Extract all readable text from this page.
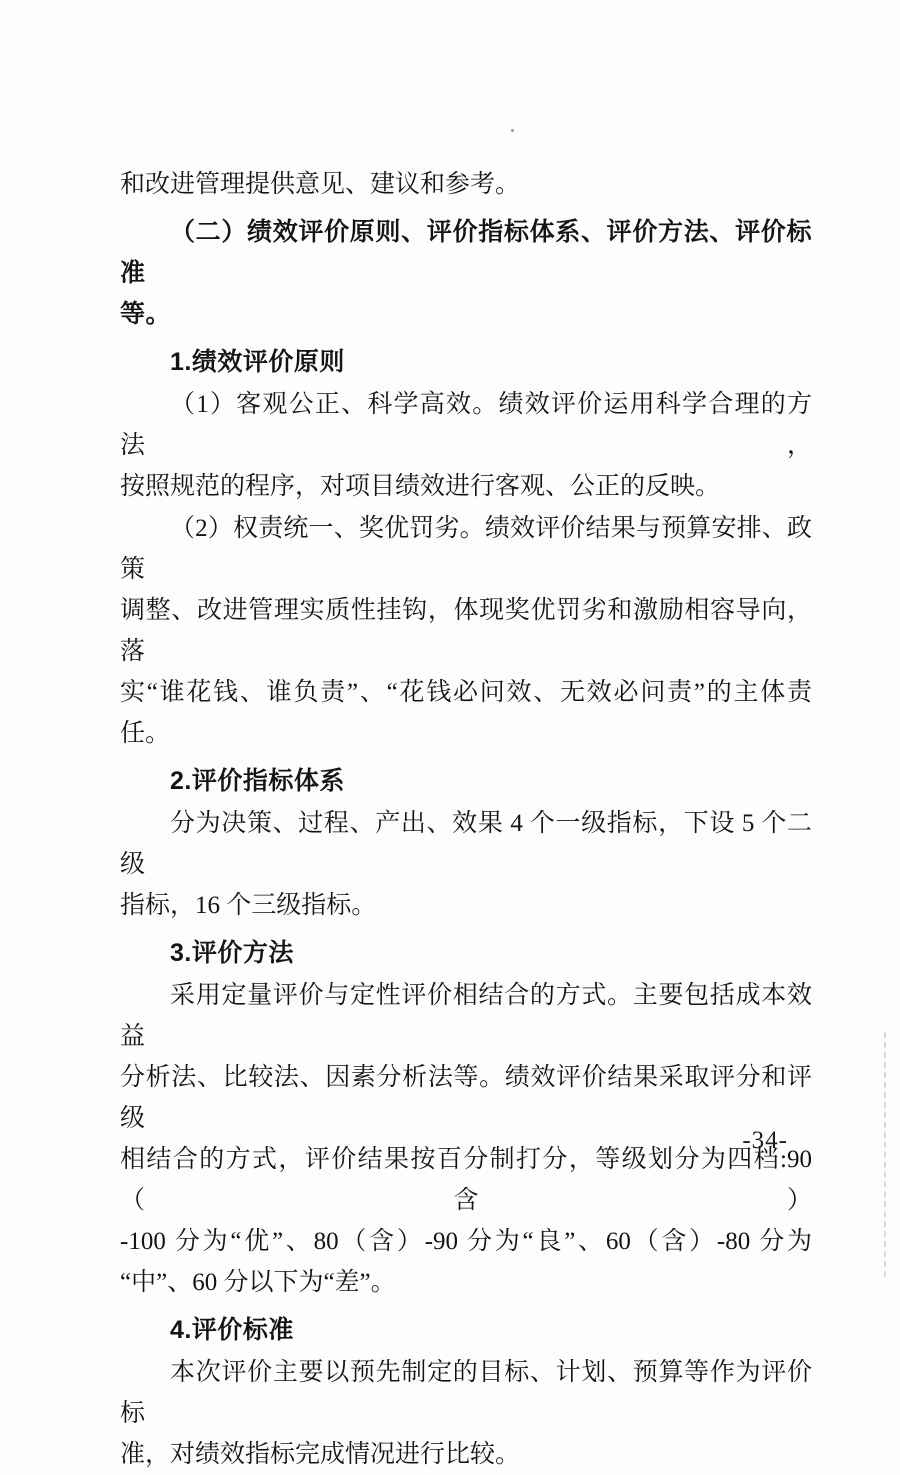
和改进管理提供意见、建议和参考。
（二）绩效评价原则、评价指标体系、评价方法、评价标准
等。
1.绩效评价原则
（1）客观公正、科学高效。绩效评价运用科学合理的方法，
按照规范的程序，对项目绩效进行客观、公正的反映。
（2）权责统一、奖优罚劣。绩效评价结果与预算安排、政策
调整、改进管理实质性挂钩，体现奖优罚劣和激励相容导向，落
实“谁花钱、谁负责”、“花钱必问效、无效必问责”的主体责
任。
2.评价指标体系
分为决策、过程、产出、效果 4 个一级指标，下设 5 个二级
指标，16 个三级指标。
3.评价方法
采用定量评价与定性评价相结合的方式。主要包括成本效益
分析法、比较法、因素分析法等。绩效评价结果采取评分和评级
相结合的方式，评价结果按百分制打分，等级划分为四档:90（含）
-100 分为“优”、80（含）-90 分为“良”、60（含）-80 分为
“中”、60 分以下为“差”。
4.评价标准
本次评价主要以预先制定的目标、计划、预算等作为评价标
准，对绩效指标完成情况进行比较。
-34-
